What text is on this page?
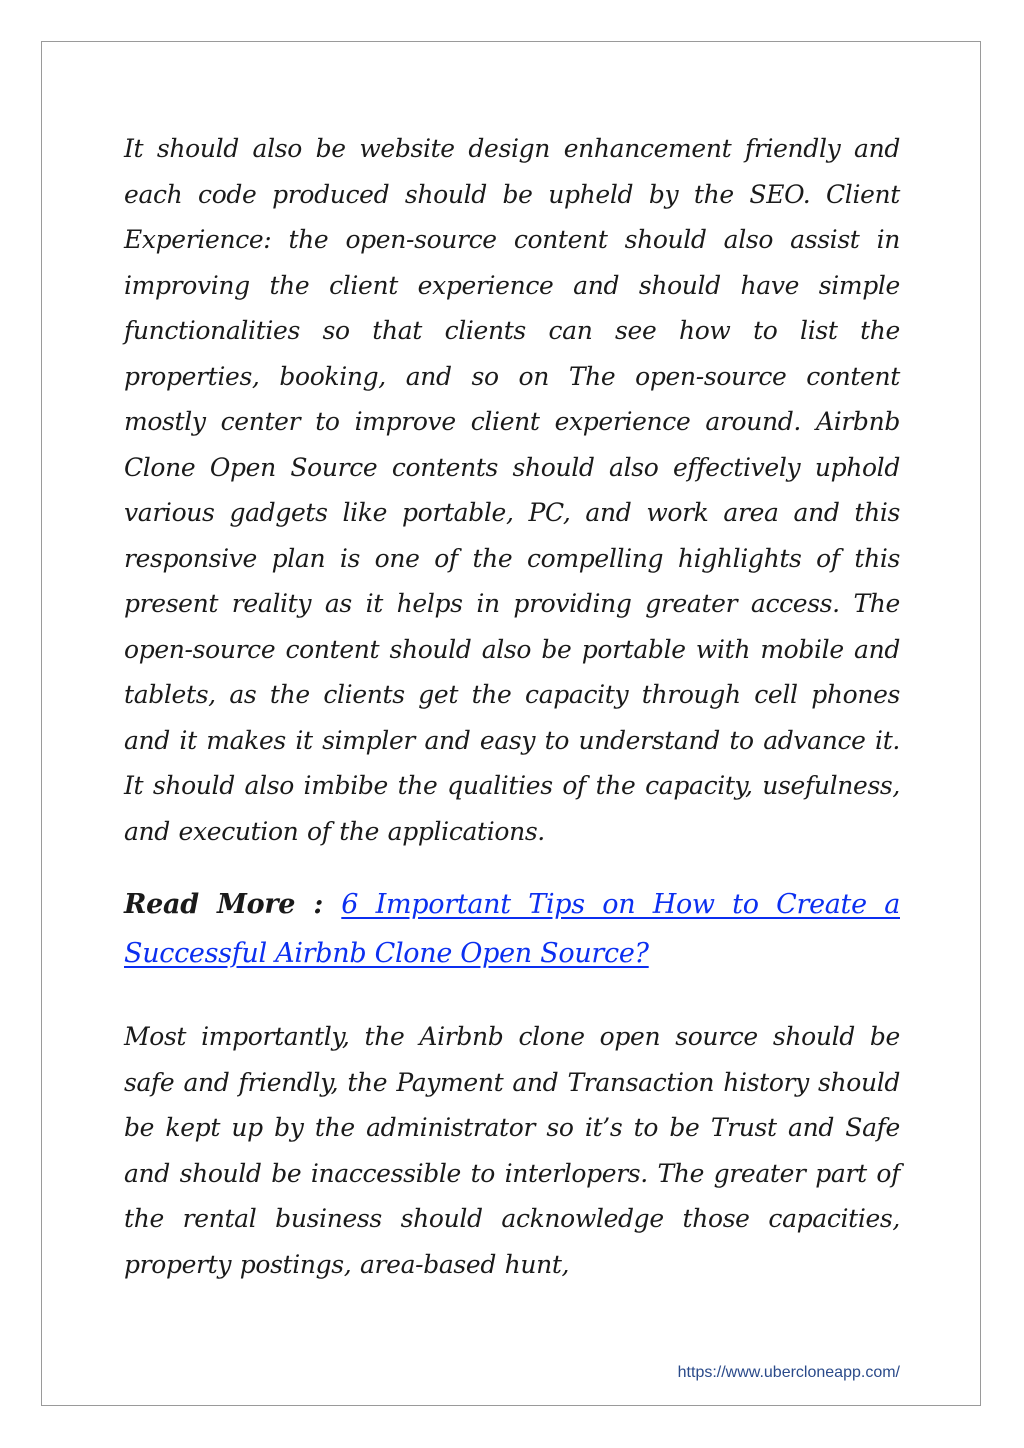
It should also be website design enhancement friendly and each code produced should be upheld by the SEO. Client Experience: the open-source content should also assist in improving the client experience and should have simple functionalities so that clients can see how to list the properties, booking, and so on The open-source content mostly center to improve client experience around. Airbnb Clone Open Source contents should also effectively uphold various gadgets like portable, PC, and work area and this responsive plan is one of the compelling highlights of this present reality as it helps in providing greater access. The open-source content should also be portable with mobile and tablets, as the clients get the capacity through cell phones and it makes it simpler and easy to understand to advance it. It should also imbibe the qualities of the capacity, usefulness, and execution of the applications.

Read More : 6 Important Tips on How to Create a Successful Airbnb Clone Open Source?

Most importantly, the Airbnb clone open source should be safe and friendly, the Payment and Transaction history should be kept up by the administrator so it’s to be Trust and Safe and should be inaccessible to interlopers. The greater part of the rental business should acknowledge those capacities, property postings, area-based hunt,

https://www.ubercloneapp.com/
